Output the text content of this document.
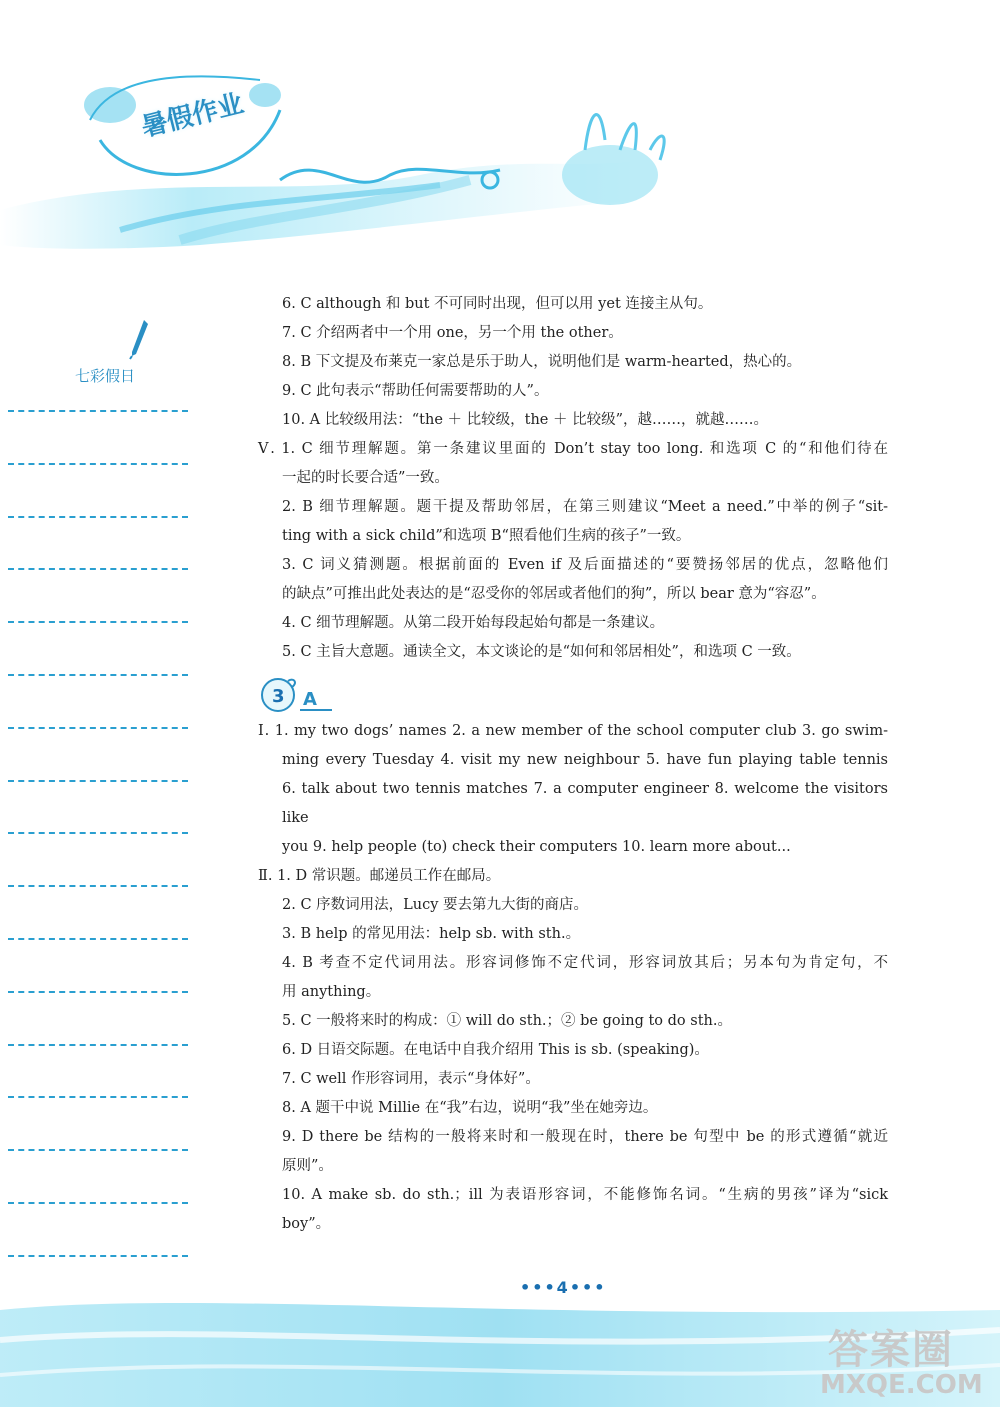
暑假作业
七彩假日
6. C although 和 but 不可同时出现，但可以用 yet 连接主从句。
7. C 介绍两者中一个用 one，另一个用 the other。
8. B 下文提及布莱克一家总是乐于助人，说明他们是 warm-hearted，热心的。
9. C 此句表示“帮助任何需要帮助的人”。
10. A 比较级用法：“the ＋ 比较级，the ＋ 比较级”，越……，就越……。
Ⅴ. 1. C 细节理解题。第一条建议里面的 Don’t stay too long. 和选项 C 的“和他们待在
一起的时长要合适”一致。
2. B 细节理解题。题干提及帮助邻居，在第三则建议“Meet a need.”中举的例子“sit-
ting with a sick child”和选项 B“照看他们生病的孩子”一致。
3. C 词义猜测题。根据前面的 Even if 及后面描述的“要赞扬邻居的优点，忽略他们
的缺点”可推出此处表达的是“忍受你的邻居或者他们的狗”，所以 bear 意为“容忍”。
4. C 细节理解题。从第二段开始每段起始句都是一条建议。
5. C 主旨大意题。通读全文，本文谈论的是“如何和邻居相处”，和选项 C 一致。
3 A
Ⅰ. 1. my two dogs’ names 2. a new member of the school computer club 3. go swim-
ming every Tuesday 4. visit my new neighbour 5. have fun playing table tennis
6. talk about two tennis matches 7. a computer engineer 8. welcome the visitors like
you 9. help people (to) check their computers 10. learn more about...
Ⅱ. 1. D 常识题。邮递员工作在邮局。
2. C 序数词用法，Lucy 要去第九大街的商店。
3. B help 的常见用法：help sb. with sth.。
4. B 考查不定代词用法。形容词修饰不定代词，形容词放其后；另本句为肯定句，不
用 anything。
5. C 一般将来时的构成：① will do sth.；② be going to do sth.。
6. D 日语交际题。在电话中自我介绍用 This is sb. (speaking)。
7. C well 作形容词用，表示“身体好”。
8. A 题干中说 Millie 在“我”右边，说明“我”坐在她旁边。
9. D there be 结构的一般将来时和一般现在时，there be 句型中 be 的形式遵循“就近
原则”。
10. A make sb. do sth.；ill 为表语形容词，不能修饰名词。“生病的男孩”译为“sick
boy”。
•••4•••
答案圈
MXQE.COM
